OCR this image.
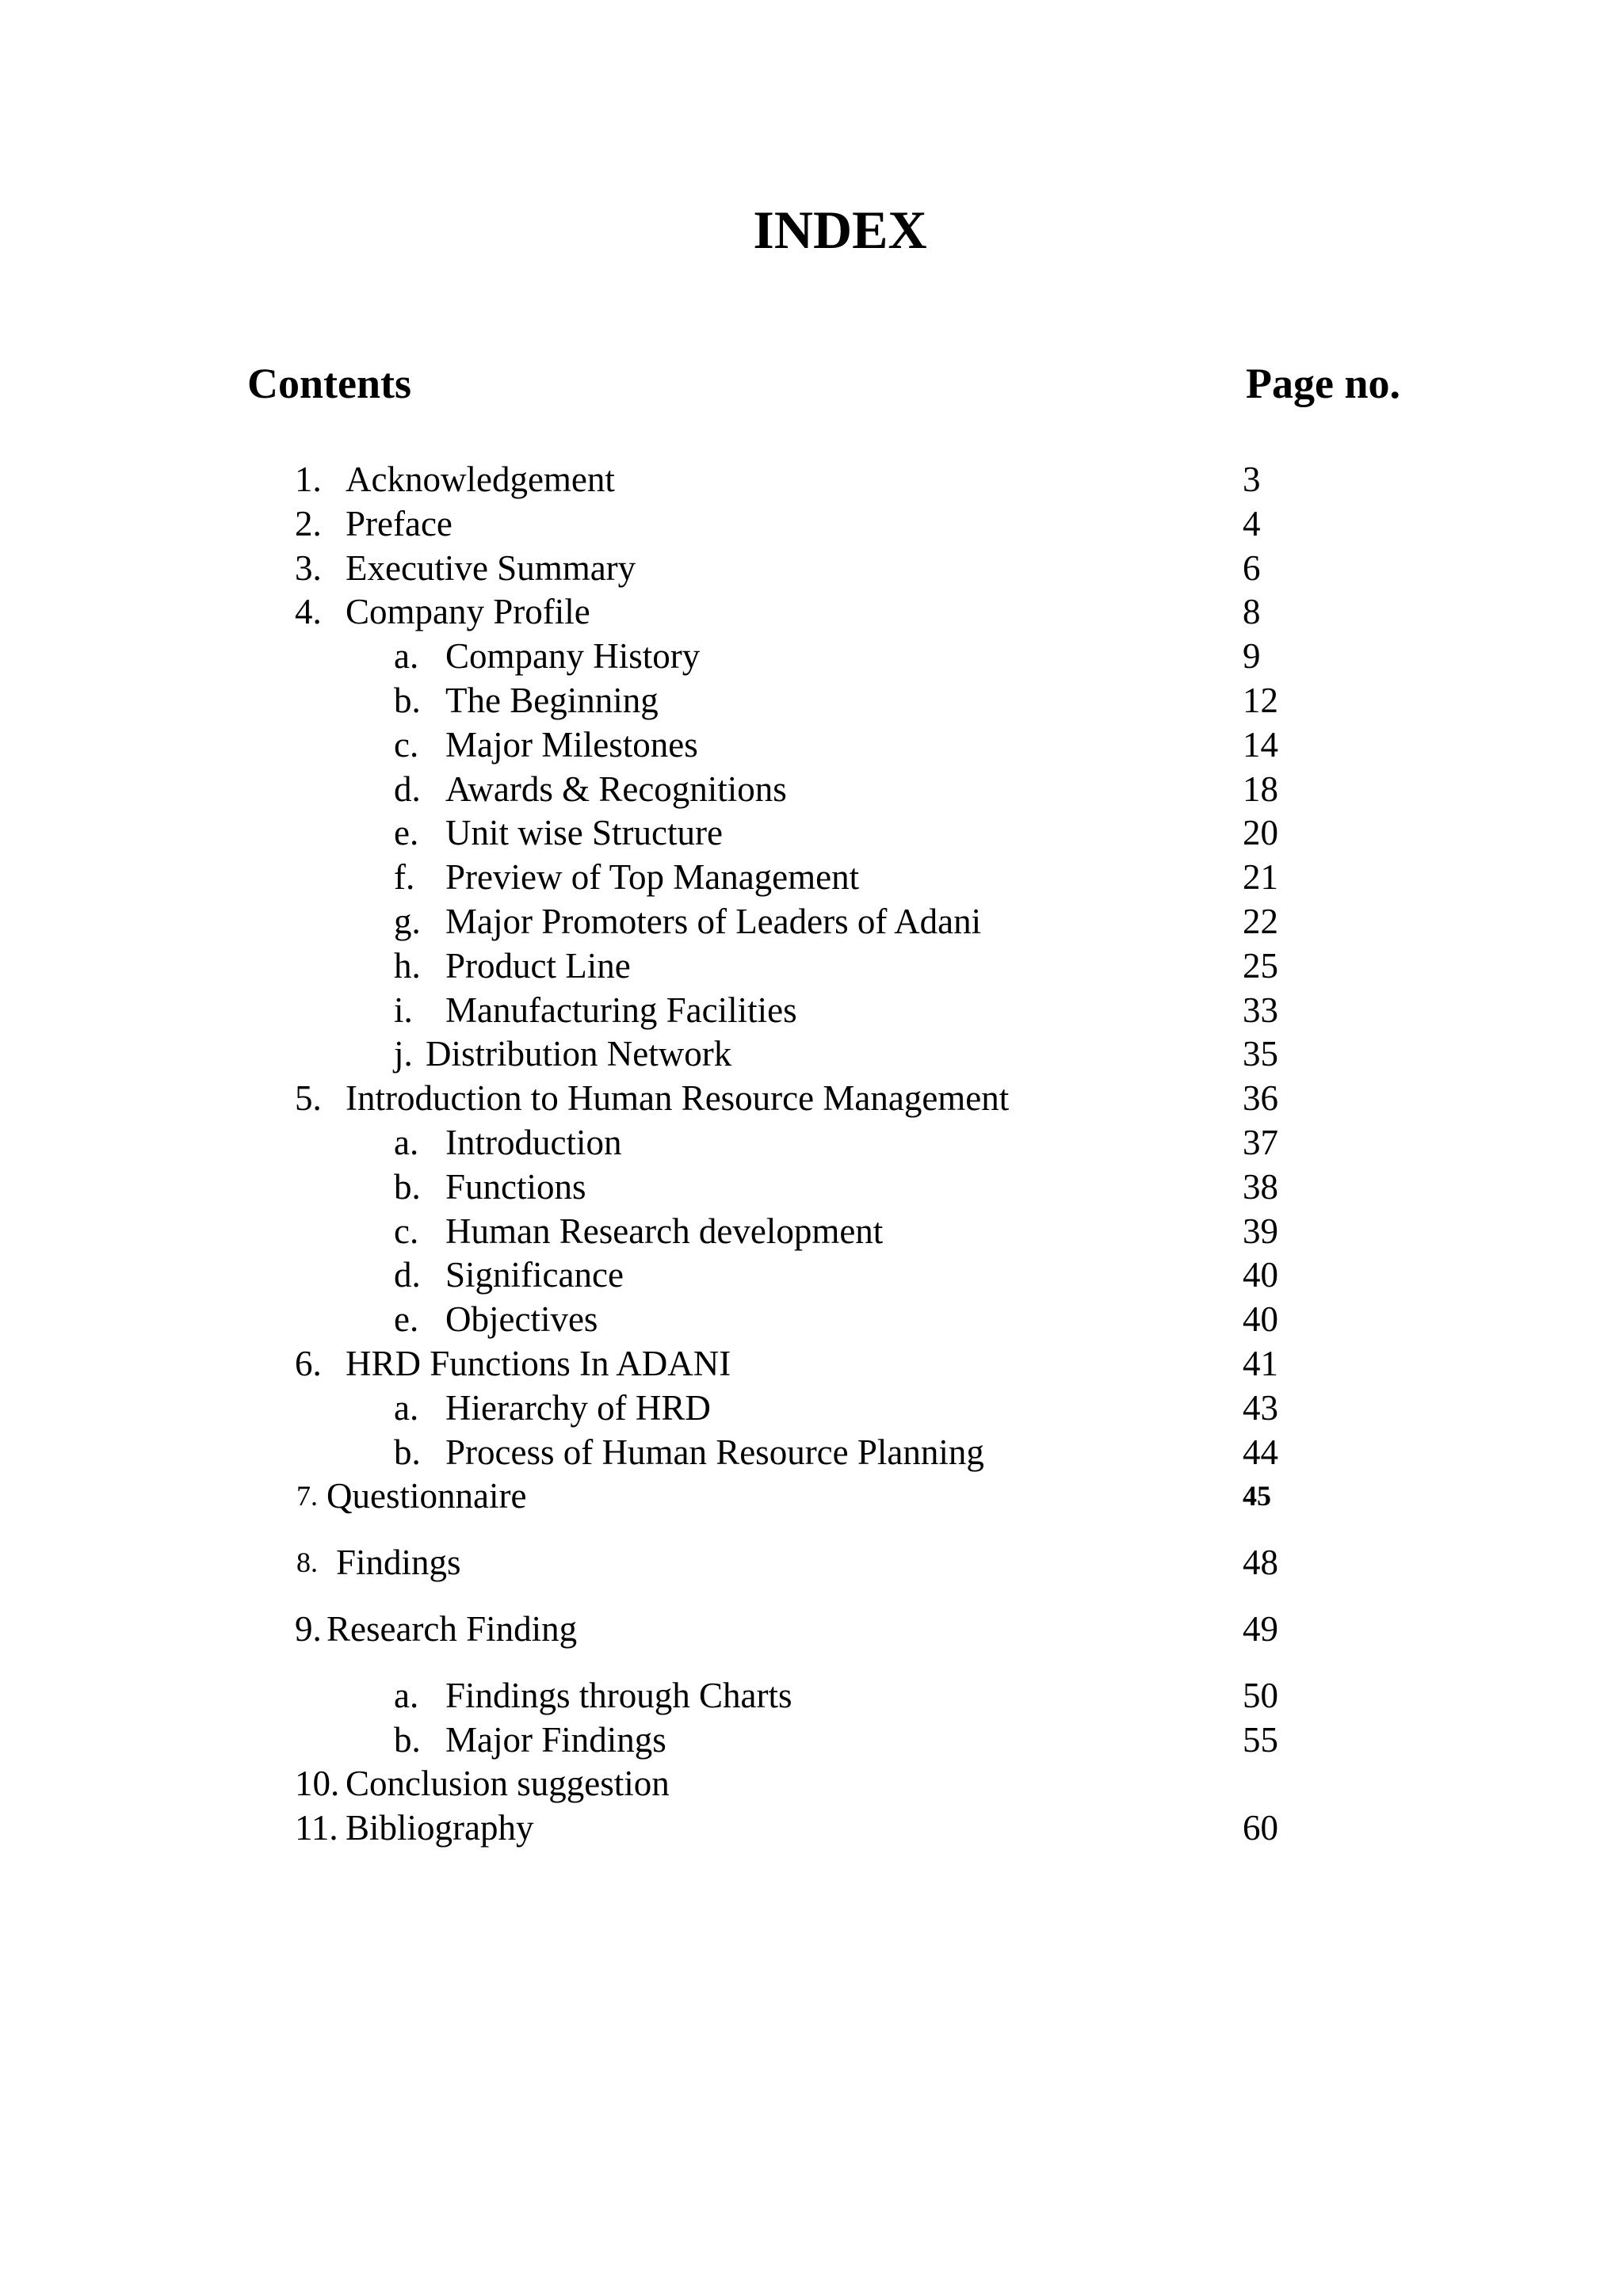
INDEX
Contents	Page no.
1. Acknowledgement	3
2. Preface	4
3. Executive Summary	6
4. Company Profile	8
a. Company History	9
b. The Beginning	12
c. Major Milestones	14
d. Awards & Recognitions	18
e. Unit wise Structure	20
f. Preview of Top Management	21
g. Major Promoters of Leaders of Adani	22
h. Product Line	25
i. Manufacturing Facilities	33
j. Distribution Network	35
5. Introduction to Human Resource Management	36
a. Introduction	37
b. Functions	38
c. Human Research development	39
d. Significance	40
e. Objectives	40
6. HRD Functions In ADANI	41
a. Hierarchy of HRD	43
b. Process of Human Resource Planning	44
7. Questionnaire	45
8. Findings	48
9. Research Finding	49
a. Findings through Charts	50
b. Major Findings	55
10. Conclusion suggestion
11. Bibliography	60
